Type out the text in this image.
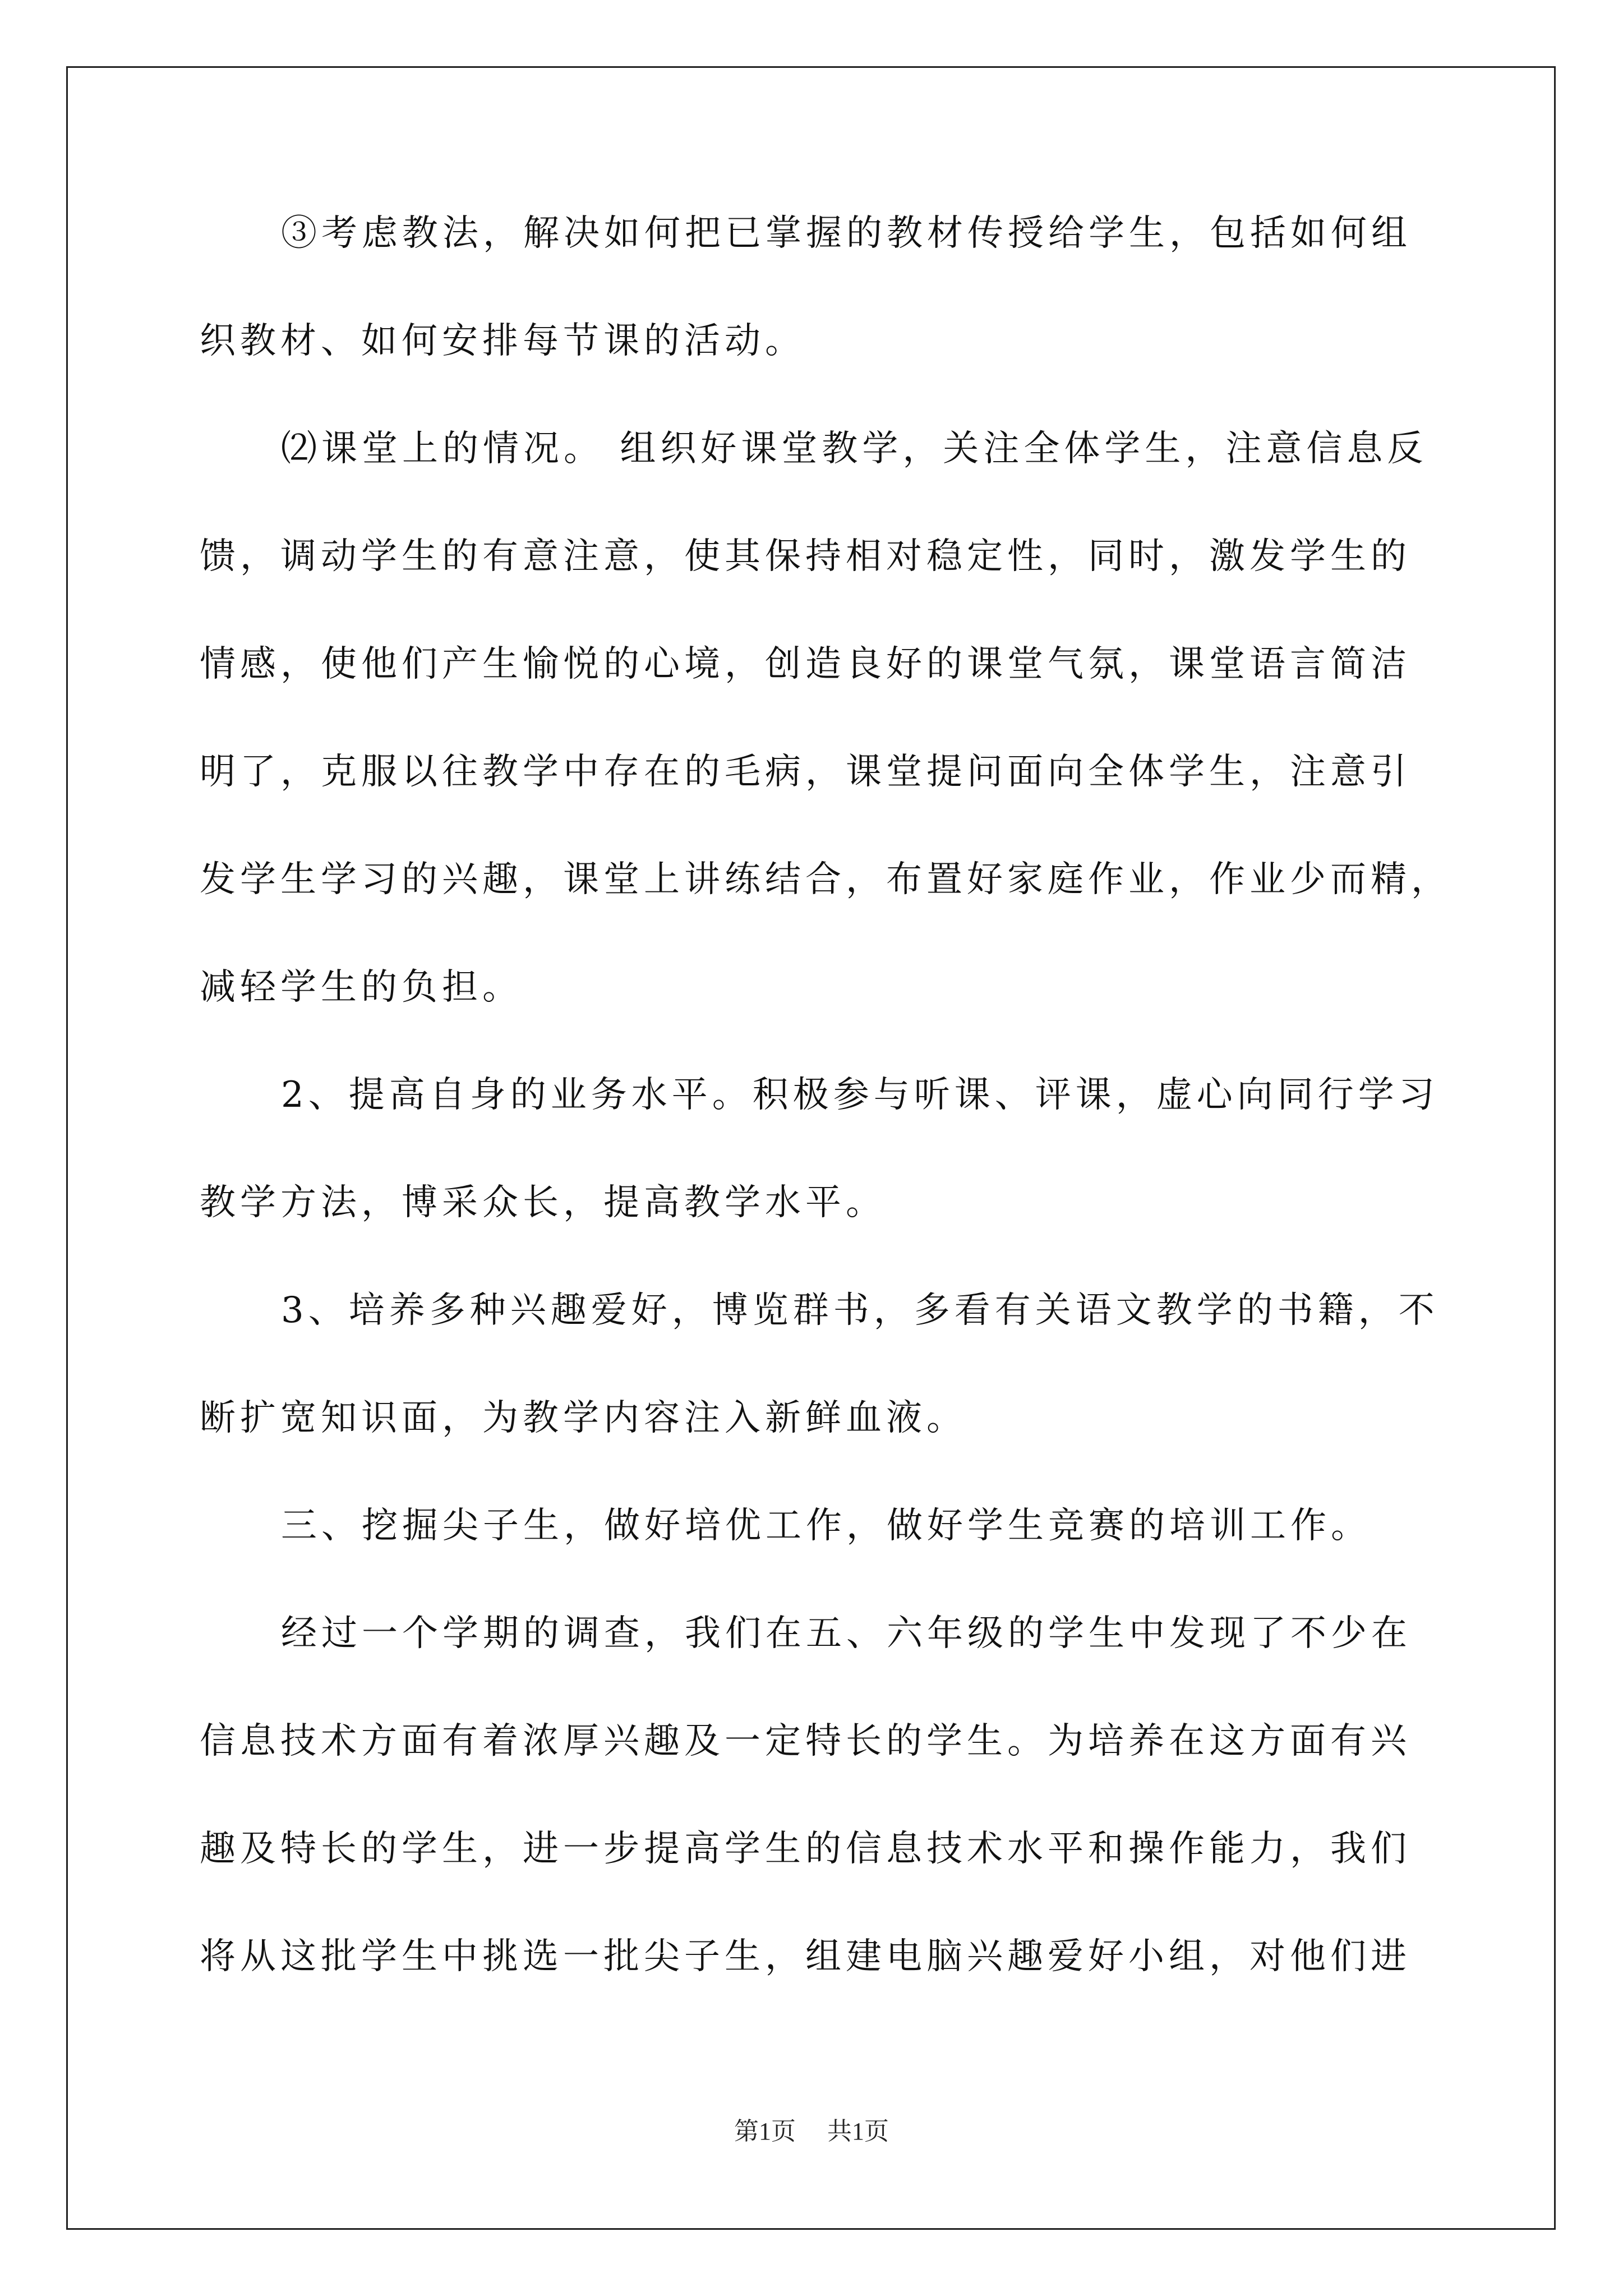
③考虑教法，解决如何把已掌握的教材传授给学生，包括如何组

织教材、如何安排每节课的活动。

⑵课堂上的情况。 组织好课堂教学，关注全体学生，注意信息反

馈，调动学生的有意注意，使其保持相对稳定性，同时，激发学生的

情感，使他们产生愉悦的心境，创造良好的课堂气氛，课堂语言简洁

明了，克服以往教学中存在的毛病，课堂提问面向全体学生，注意引

发学生学习的兴趣，课堂上讲练结合，布置好家庭作业，作业少而精，

减轻学生的负担。

2、提高自身的业务水平。积极参与听课、评课，虚心向同行学习

教学方法，博采众长，提高教学水平。

3、培养多种兴趣爱好，博览群书，多看有关语文教学的书籍，不

断扩宽知识面，为教学内容注入新鲜血液。

三、挖掘尖子生，做好培优工作，做好学生竞赛的培训工作。

经过一个学期的调查，我们在五、六年级的学生中发现了不少在

信息技术方面有着浓厚兴趣及一定特长的学生。为培养在这方面有兴

趣及特长的学生，进一步提高学生的信息技术水平和操作能力，我们

将从这批学生中挑选一批尖子生，组建电脑兴趣爱好小组，对他们进

第1页 共1页
